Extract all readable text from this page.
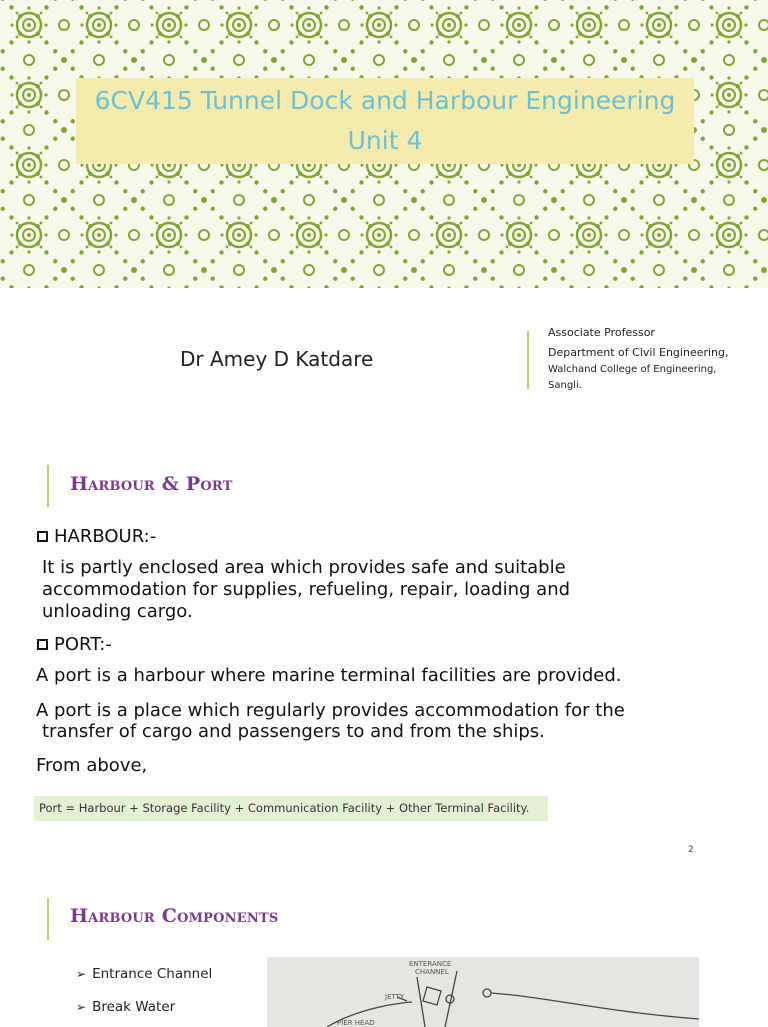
6CV415 Tunnel Dock and Harbour Engineering
Unit 4
Dr Amey D Katdare
Associate Professor
Department of Civil Engineering,
Walchand College of Engineering,
Sangli.
Harbour & Port
HARBOUR:-
It is partly enclosed area which provides safe and suitable
accommodation for supplies, refueling, repair, loading and
unloading cargo.
PORT:-
A port is a harbour where marine terminal facilities are provided.
A port is a place which regularly provides accommodation for the
transfer of cargo and passengers to and from the ships.
From above,
Port = Harbour + Storage Facility + Communication Facility + Other Terminal Facility.
2
Harbour Components
➢ Entrance Channel
➢ Break Water
ENTERANCE
CHANNEL
JETTY
PIER HEAD
